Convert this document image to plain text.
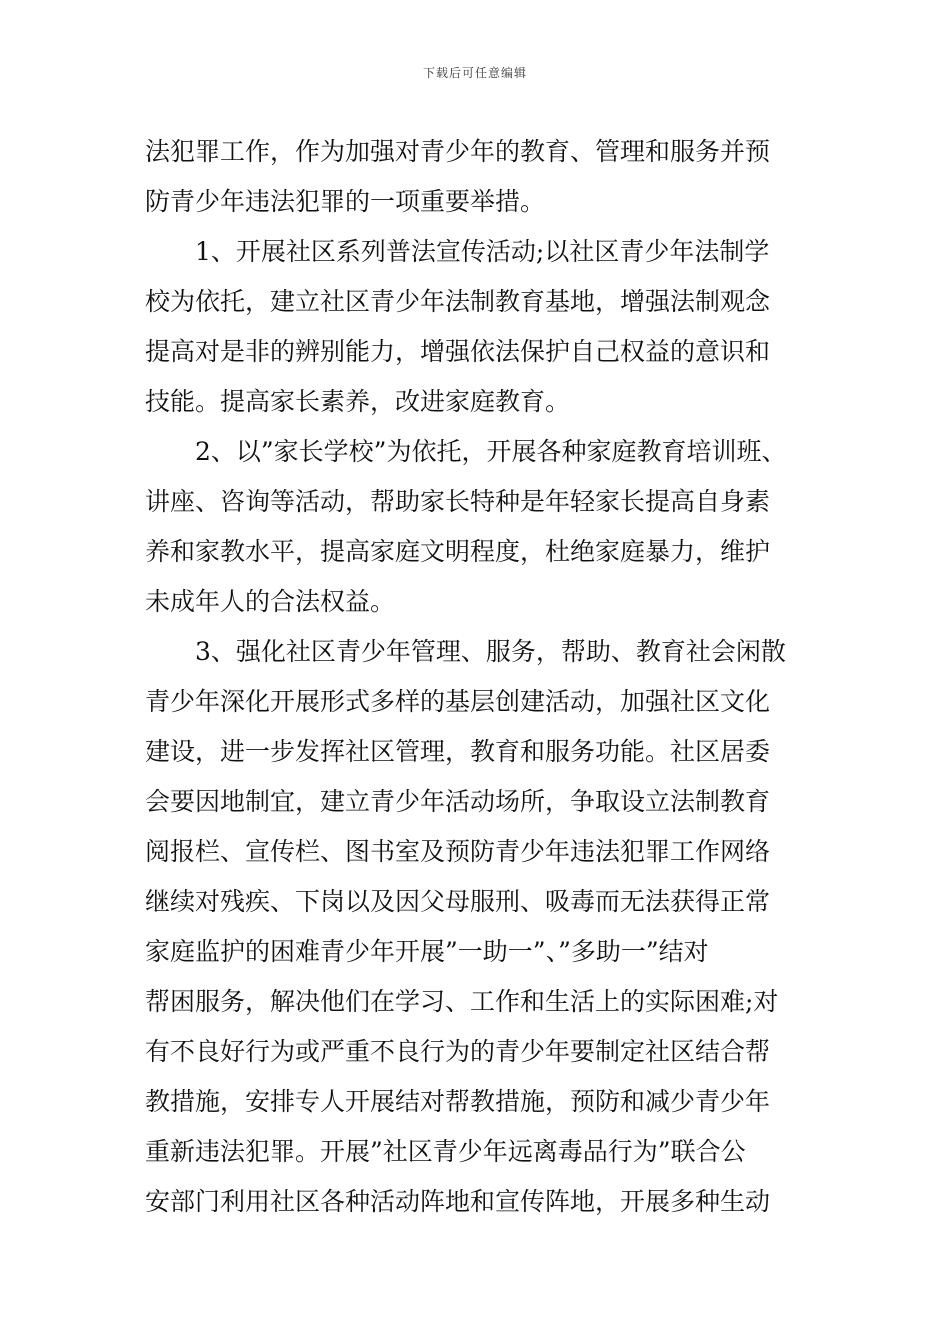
下载后可任意编辑
法犯罪工作，作为加强对青少年的教育、管理和服务并预
防青少年违法犯罪的一项重要举措。
1、开展社区系列普法宣传活动;以社区青少年法制学
校为依托，建立社区青少年法制教育基地，增强法制观念
提高对是非的辨别能力，增强依法保护自己权益的意识和
技能。提高家长素养，改进家庭教育。
2、以”家长学校”为依托，开展各种家庭教育培训班、
讲座、咨询等活动，帮助家长特种是年轻家长提高自身素
养和家教水平，提高家庭文明程度，杜绝家庭暴力，维护
未成年人的合法权益。
3、强化社区青少年管理、服务，帮助、教育社会闲散
青少年深化开展形式多样的基层创建活动，加强社区文化
建设，进一步发挥社区管理，教育和服务功能。社区居委
会要因地制宜，建立青少年活动场所，争取设立法制教育
阅报栏、宣传栏、图书室及预防青少年违法犯罪工作网络
继续对残疾、下岗以及因父母服刑、吸毒而无法获得正常
家庭监护的困难青少年开展”一助一”、”多助一”结对
帮困服务，解决他们在学习、工作和生活上的实际困难;对
有不良好行为或严重不良行为的青少年要制定社区结合帮
教措施，安排专人开展结对帮教措施，预防和减少青少年
重新违法犯罪。开展”社区青少年远离毒品行为”联合公
安部门利用社区各种活动阵地和宣传阵地，开展多种生动
